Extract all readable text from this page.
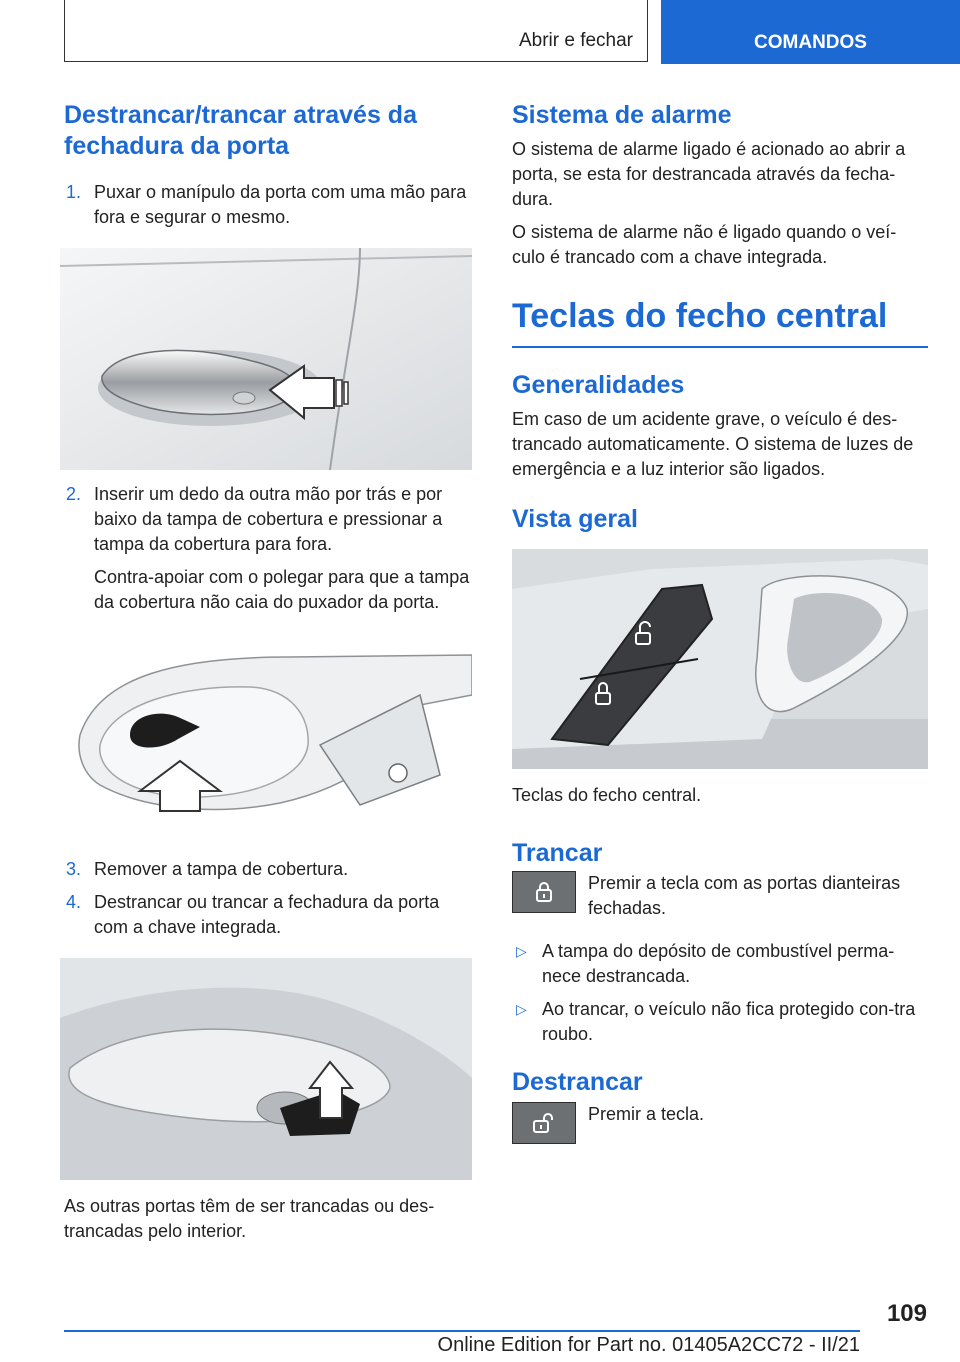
Abrir e fechar	COMANDOS
Destrancar/trancar através da fechadura da porta
1. Puxar o manípulo da porta com uma mão para fora e segurar o mesmo.
2. Inserir um dedo da outra mão por trás e por baixo da tampa de cobertura e pressionar a tampa da cobertura para fora.
Contra-apoiar com o polegar para que a tampa da cobertura não caia do puxador da porta.
3. Remover a tampa de cobertura.
4. Destrancar ou trancar a fechadura da porta com a chave integrada.

As outras portas têm de ser trancadas ou des-trancadas pelo interior.

Sistema de alarme

O sistema de alarme ligado é acionado ao abrir a porta, se esta for destrancada através da fecha-dura.

O sistema de alarme não é ligado quando o veí-culo é trancado com a chave integrada.

Teclas do fecho central
Generalidades

Em caso de um acidente grave, o veículo é des-trancado automaticamente. O sistema de luzes de emergência e a luz interior são ligados.

Vista geral

Teclas do fecho central.

Trancar
Premir a tecla com as portas dianteiras fechadas.
▷ A tampa do depósito de combustível perma-nece destrancada.
▷ Ao trancar, o veículo não fica protegido con-tra roubo.
Destrancar
Premir a tecla.
109
Online Edition for Part no. 01405A2CC72 - II/21
